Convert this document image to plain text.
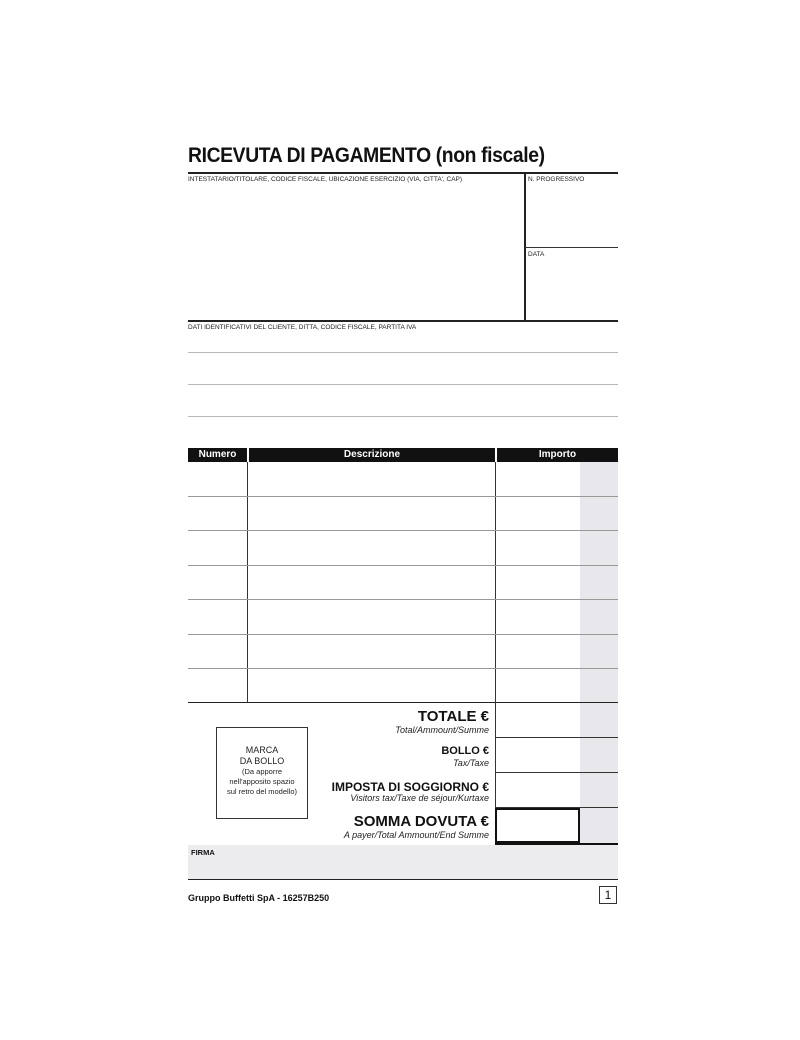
RICEVUTA DI PAGAMENTO (non fiscale)
INTESTATARIO/TITOLARE, CODICE FISCALE, UBICAZIONE ESERCIZIO (VIA, CITTA', CAP)	N. PROGRESSIVO
DATA
DATI IDENTIFICATIVI DEL CLIENTE, DITTA, CODICE FISCALE, PARTITA IVA
Numero	Descrizione	Importo
MARCA
DA BOLLO
(Da apporre
nell'apposito spazio
sul retro del modello)
TOTALE €
Total/Ammount/Summe
BOLLO €
Tax/Taxe
IMPOSTA DI SOGGIORNO €
Visitors tax/Taxe de séjour/Kurtaxe
SOMMA DOVUTA €
A payer/Total Ammount/End Summe
FIRMA
Gruppo Buffetti SpA - 16257B250	1
